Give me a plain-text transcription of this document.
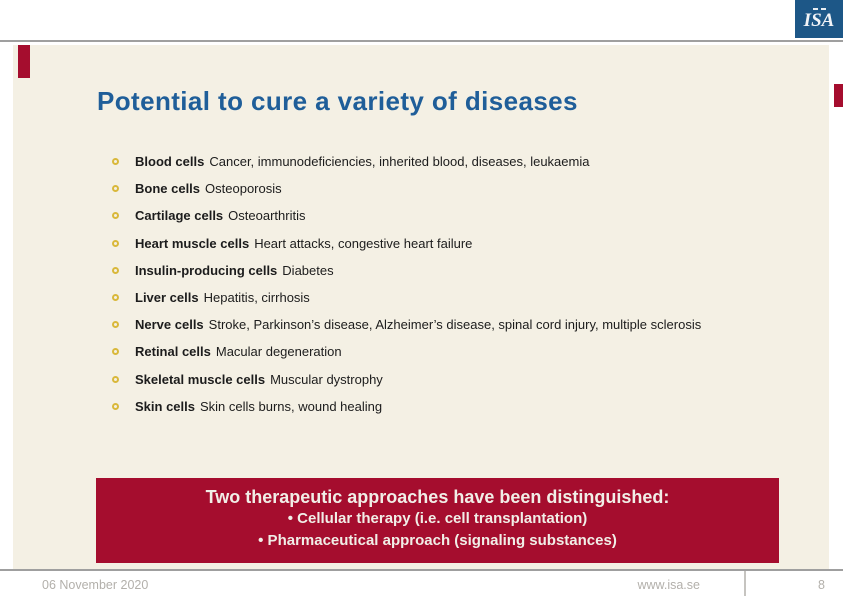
ISA
Potential to cure a variety of diseases
Blood cells Cancer, immunodeficiencies, inherited blood, diseases, leukaemia
Bone cells Osteoporosis
Cartilage cells Osteoarthritis
Heart muscle cells Heart attacks, congestive heart failure
Insulin-producing cells Diabetes
Liver cells Hepatitis, cirrhosis
Nerve cells Stroke, Parkinson’s disease, Alzheimer’s disease, spinal cord injury, multiple sclerosis
Retinal cells Macular degeneration
Skeletal muscle cells Muscular dystrophy
Skin cells Skin cells burns, wound healing
Two therapeutic approaches have been distinguished:
• Cellular therapy (i.e. cell transplantation)
• Pharmaceutical approach (signaling substances)
06 November 2020	www.isa.se	8
